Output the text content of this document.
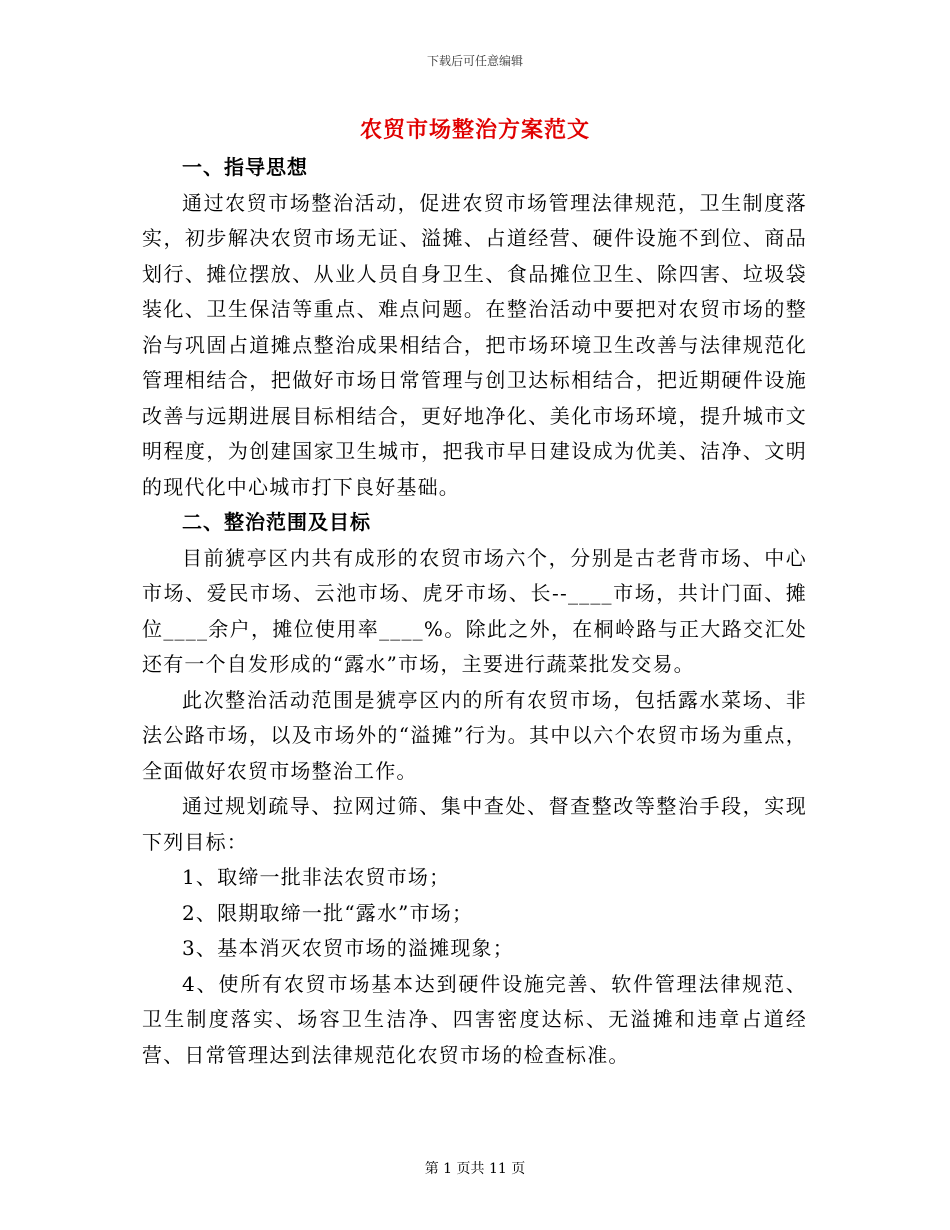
下载后可任意编辑
农贸市场整治方案范文

一、指导思想

通过农贸市场整治活动，促进农贸市场管理法律规范，卫生制度落实，初步解决农贸市场无证、溢摊、占道经营、硬件设施不到位、商品划行、摊位摆放、从业人员自身卫生、食品摊位卫生、除四害、垃圾袋装化、卫生保洁等重点、难点问题。在整治活动中要把对农贸市场的整治与巩固占道摊点整治成果相结合，把市场环境卫生改善与法律规范化管理相结合，把做好市场日常管理与创卫达标相结合，把近期硬件设施改善与远期进展目标相结合，更好地净化、美化市场环境，提升城市文明程度，为创建国家卫生城市，把我市早日建设成为优美、洁净、文明的现代化中心城市打下良好基础。

二、整治范围及目标

目前猇亭区内共有成形的农贸市场六个，分别是古老背市场、中心市场、爱民市场、云池市场、虎牙市场、长--____市场，共计门面、摊位____余户，摊位使用率____%。除此之外，在桐岭路与正大路交汇处还有一个自发形成的“露水”市场，主要进行蔬菜批发交易。

此次整治活动范围是猇亭区内的所有农贸市场，包括露水菜场、非法公路市场，以及市场外的“溢摊”行为。其中以六个农贸市场为重点，全面做好农贸市场整治工作。

通过规划疏导、拉网过筛、集中查处、督查整改等整治手段，实现下列目标：

1、取缔一批非法农贸市场；

2、限期取缔一批“露水”市场；

3、基本消灭农贸市场的溢摊现象；

4、使所有农贸市场基本达到硬件设施完善、软件管理法律规范、卫生制度落实、场容卫生洁净、四害密度达标、无溢摊和违章占道经营、日常管理达到法律规范化农贸市场的检查标准。

第 1 页共 11 页
